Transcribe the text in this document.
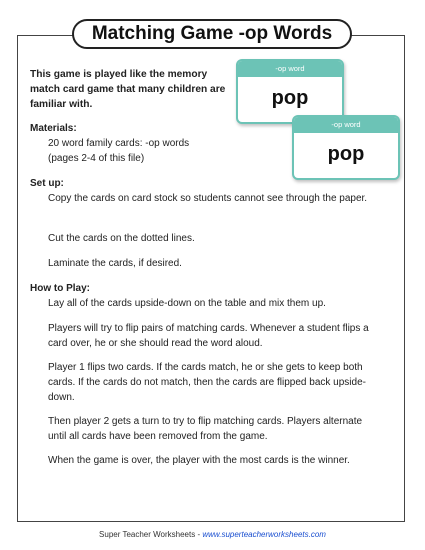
Matching Game -op Words
This game is played like the memory match card game that many children are familiar with.
-op word
pop
-op word
pop
Materials:
20 word family cards: -op words
(pages 2-4 of this file)
Set up:
Copy the cards on card stock so students cannot see through the paper.
Cut the cards on the dotted lines.
Laminate the cards, if desired.
How to Play:
Lay all of the cards upside-down on the table and mix them up.
Players will try to flip pairs of matching cards. Whenever a student flips a card over, he or she should read the word aloud.
Player 1 flips two cards. If the cards match, he or she gets to keep both cards. If the cards do not match, then the cards are flipped back upside-down.
Then player 2 gets a turn to try to flip matching cards. Players alternate until all cards have been removed from the game.
When the game is over, the player with the most cards is the winner.
Super Teacher Worksheets - www.superteacherworksheets.com
